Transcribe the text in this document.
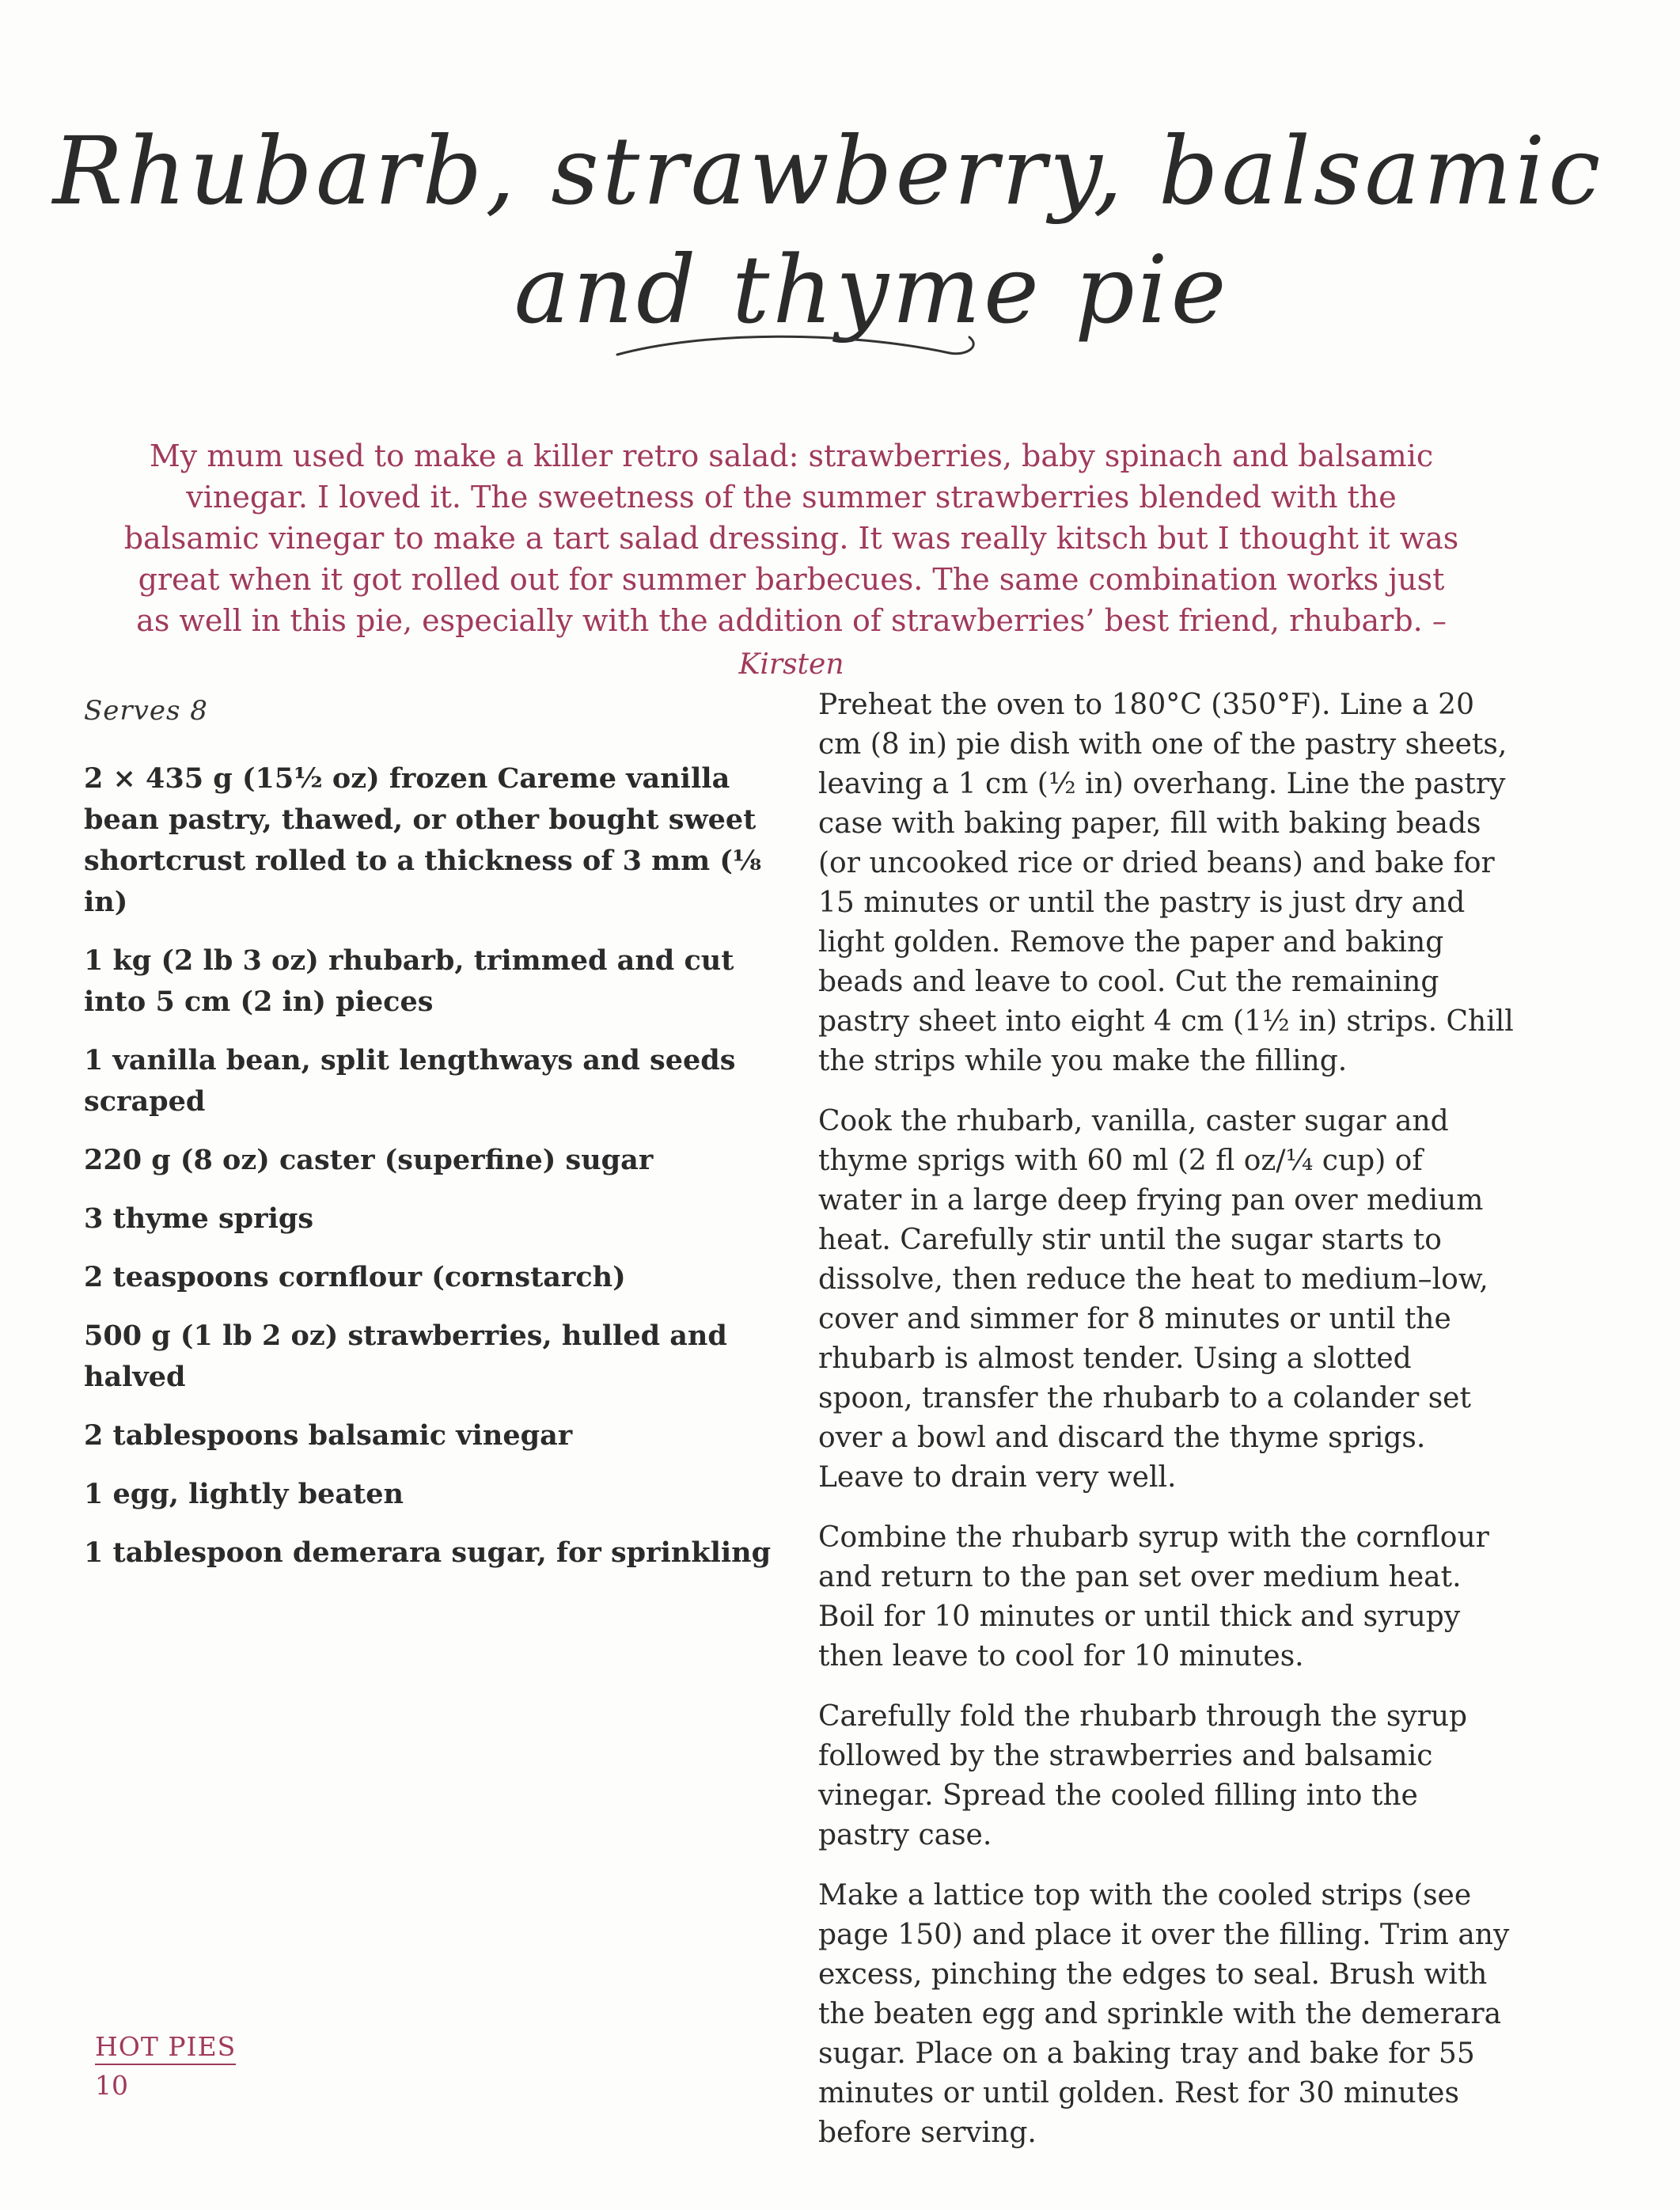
Rhubarb, strawberry, balsamic
and thyme pie

My mum used to make a killer retro salad: strawberries, baby spinach and balsamic vinegar. I loved it. The sweetness of the summer strawberries blended with the balsamic vinegar to make a tart salad dressing. It was really kitsch but I thought it was great when it got rolled out for summer barbecues. The same combination works just as well in this pie, especially with the addition of strawberries’ best friend, rhubarb. – Kirsten

Serves 8
2 × 435 g (15½ oz) frozen Careme vanilla bean pastry, thawed, or other bought sweet shortcrust rolled to a thickness of 3 mm (⅛ in)
1 kg (2 lb 3 oz) rhubarb, trimmed and cut into 5 cm (2 in) pieces
1 vanilla bean, split lengthways and seeds scraped
220 g (8 oz) caster (superfine) sugar
3 thyme sprigs
2 teaspoons cornflour (cornstarch)
500 g (1 lb 2 oz) strawberries, hulled and halved
2 tablespoons balsamic vinegar
1 egg, lightly beaten
1 tablespoon demerara sugar, for sprinkling

Preheat the oven to 180°C (350°F). Line a 20 cm (8 in) pie dish with one of the pastry sheets, leaving a 1 cm (½ in) overhang. Line the pastry case with baking paper, fill with baking beads (or uncooked rice or dried beans) and bake for 15 minutes or until the pastry is just dry and light golden. Remove the paper and baking beads and leave to cool. Cut the remaining pastry sheet into eight 4 cm (1½ in) strips. Chill the strips while you make the filling.

Cook the rhubarb, vanilla, caster sugar and thyme sprigs with 60 ml (2 fl oz/¼ cup) of water in a large deep frying pan over medium heat. Carefully stir until the sugar starts to dissolve, then reduce the heat to medium–low, cover and simmer for 8 minutes or until the rhubarb is almost tender. Using a slotted spoon, transfer the rhubarb to a colander set over a bowl and discard the thyme sprigs. Leave to drain very well.

Combine the rhubarb syrup with the cornflour and return to the pan set over medium heat. Boil for 10 minutes or until thick and syrupy then leave to cool for 10 minutes.

Carefully fold the rhubarb through the syrup followed by the strawberries and balsamic vinegar. Spread the cooled filling into the pastry case.

Make a lattice top with the cooled strips (see page 150) and place it over the filling. Trim any excess, pinching the edges to seal. Brush with the beaten egg and sprinkle with the demerara sugar. Place on a baking tray and bake for 55 minutes or until golden. Rest for 30 minutes before serving.

HOT PIES
10
